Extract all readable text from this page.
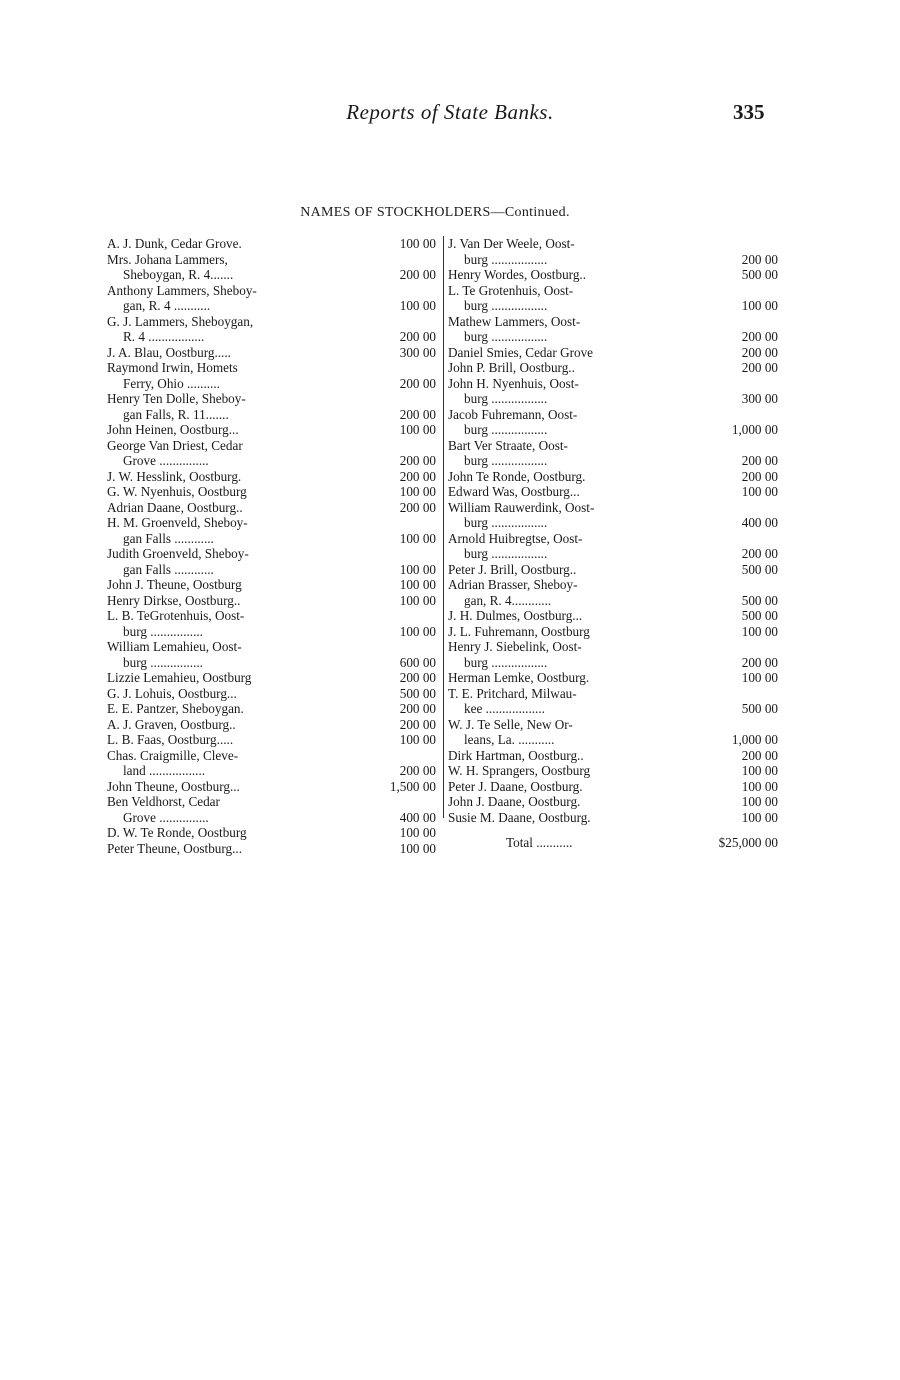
Reports of State Banks.	335
NAMES OF STOCKHOLDERS—Continued.
A. J. Dunk, Cedar Grove.	100 00
Mrs. Johana Lammers,
Sheboygan, R. 4.......	200 00
Anthony Lammers, Sheboy-
gan, R. 4 ...........	100 00
G. J. Lammers, Sheboygan,
R. 4 .................	200 00
J. A. Blau, Oostburg.....	300 00
Raymond Irwin, Homets
Ferry, Ohio ..........	200 00
Henry Ten Dolle, Sheboy-
gan Falls, R. 11.......	200 00
John Heinen, Oostburg...	100 00
George Van Driest, Cedar
Grove ...............	200 00
J. W. Hesslink, Oostburg.	200 00
G. W. Nyenhuis, Oostburg	100 00
Adrian Daane, Oostburg..	200 00
H. M. Groenveld, Sheboy-
gan Falls ............	100 00
Judith Groenveld, Sheboy-
gan Falls ............	100 00
John J. Theune, Oostburg	100 00
Henry Dirkse, Oostburg..	100 00
L. B. TeGrotenhuis, Oost-
burg ................	100 00
William Lemahieu, Oost-
burg ................	600 00
Lizzie Lemahieu, Oostburg	200 00
G. J. Lohuis, Oostburg...	500 00
E. E. Pantzer, Sheboygan.	200 00
A. J. Graven, Oostburg..	200 00
L. B. Faas, Oostburg.....	100 00
Chas. Craigmille, Cleve-
land .................	200 00
John Theune, Oostburg...	1,500 00
Ben Veldhorst, Cedar
Grove ...............	400 00
D. W. Te Ronde, Oostburg	100 00
Peter Theune, Oostburg...	100 00
J. Van Der Weele, Oost-
burg .................	200 00
Henry Wordes, Oostburg..	500 00
L. Te Grotenhuis, Oost-
burg .................	100 00
Mathew Lammers, Oost-
burg .................	200 00
Daniel Smies, Cedar Grove	200 00
John P. Brill, Oostburg..	200 00
John H. Nyenhuis, Oost-
burg .................	300 00
Jacob Fuhremann, Oost-
burg .................	1,000 00
Bart Ver Straate, Oost-
burg .................	200 00
John Te Ronde, Oostburg.	200 00
Edward Was, Oostburg...	100 00
William Rauwerdink, Oost-
burg .................	400 00
Arnold Huibregtse, Oost-
burg .................	200 00
Peter J. Brill, Oostburg..	500 00
Adrian Brasser, Sheboy-
gan, R. 4............	500 00
J. H. Dulmes, Oostburg...	500 00
J. L. Fuhremann, Oostburg	100 00
Henry J. Siebelink, Oost-
burg .................	200 00
Herman Lemke, Oostburg.	100 00
T. E. Pritchard, Milwau-
kee ..................	500 00
W. J. Te Selle, New Or-
leans, La. ...........	1,000 00
Dirk Hartman, Oostburg..	200 00
W. H. Sprangers, Oostburg	100 00
Peter J. Daane, Oostburg.	100 00
John J. Daane, Oostburg.	100 00
Susie M. Daane, Oostburg.	100 00
Total ...........	$25,000 00
